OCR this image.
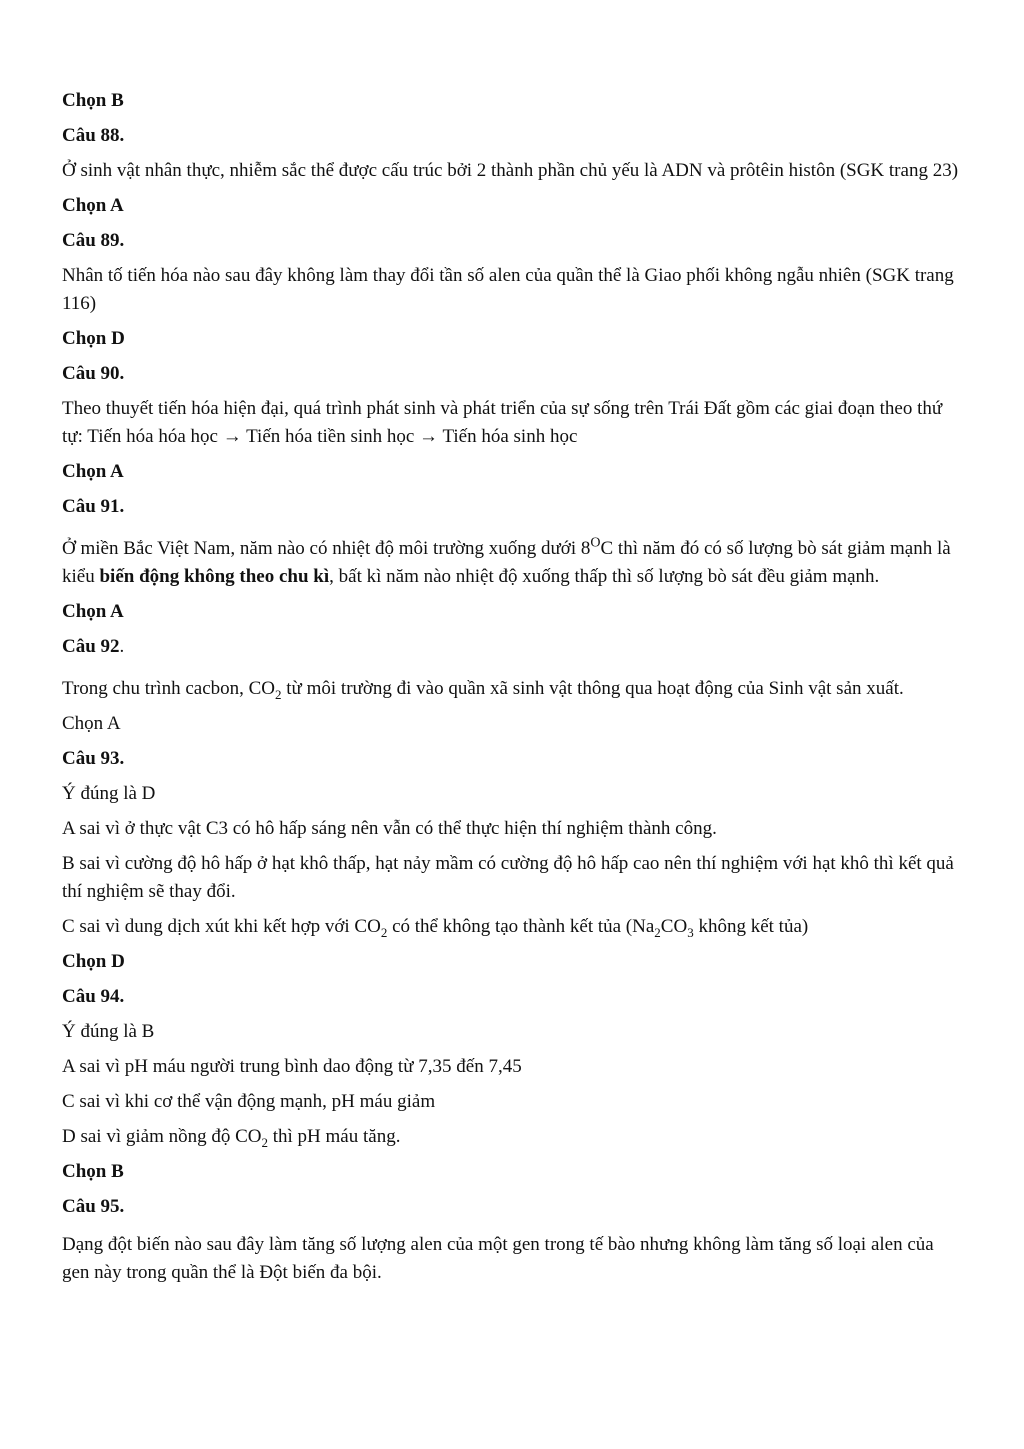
Chọn B

Câu 88.

Ở sinh vật nhân thực, nhiễm sắc thể được cấu trúc bởi 2 thành phần chủ yếu là ADN và prôtêin histôn (SGK trang 23)

Chọn A

Câu 89.

Nhân tố tiến hóa nào sau đây không làm thay đổi tần số alen của quần thể là Giao phối không ngẫu nhiên (SGK trang 116)

Chọn D

Câu 90.

Theo thuyết tiến hóa hiện đại, quá trình phát sinh và phát triển của sự sống trên Trái Đất gồm các giai đoạn theo thứ tự: Tiến hóa hóa học → Tiến hóa tiền sinh học → Tiến hóa sinh học

Chọn A

Câu 91.

Ở miền Bắc Việt Nam, năm nào có nhiệt độ môi trường xuống dưới $8^OC$ thì năm đó có số lượng bò sát giảm mạnh là kiểu biến động không theo chu kì, bất kì năm nào nhiệt độ xuống thấp thì số lượng bò sát đều giảm mạnh.

Chọn A

Câu 92.

Trong chu trình cacbon, $CO_2$ từ môi trường đi vào quần xã sinh vật thông qua hoạt động của Sinh vật sản xuất.

Chọn A

Câu 93.

Ý đúng là D

A sai vì ở thực vật C3 có hô hấp sáng nên vẫn có thể thực hiện thí nghiệm thành công.

B sai vì cường độ hô hấp ở hạt khô thấp, hạt nảy mầm có cường độ hô hấp cao nên thí nghiệm với hạt khô thì kết quả thí nghiệm sẽ thay đổi.

C sai vì dung dịch xút khi kết hợp với $CO_2$ có thể không tạo thành kết tủa ($Na_2CO_3$ không kết tủa)

Chọn D

Câu 94.

Ý đúng là B

A sai vì pH máu người trung bình dao động từ 7,35 đến 7,45

C sai vì khi cơ thể vận động mạnh, pH máu giảm

D sai vì giảm nồng độ $CO_2$ thì pH máu tăng.

Chọn B

Câu 95.

Dạng đột biến nào sau đây làm tăng số lượng alen của một gen trong tế bào nhưng không làm tăng số loại alen của gen này trong quần thể là Đột biến đa bội.
